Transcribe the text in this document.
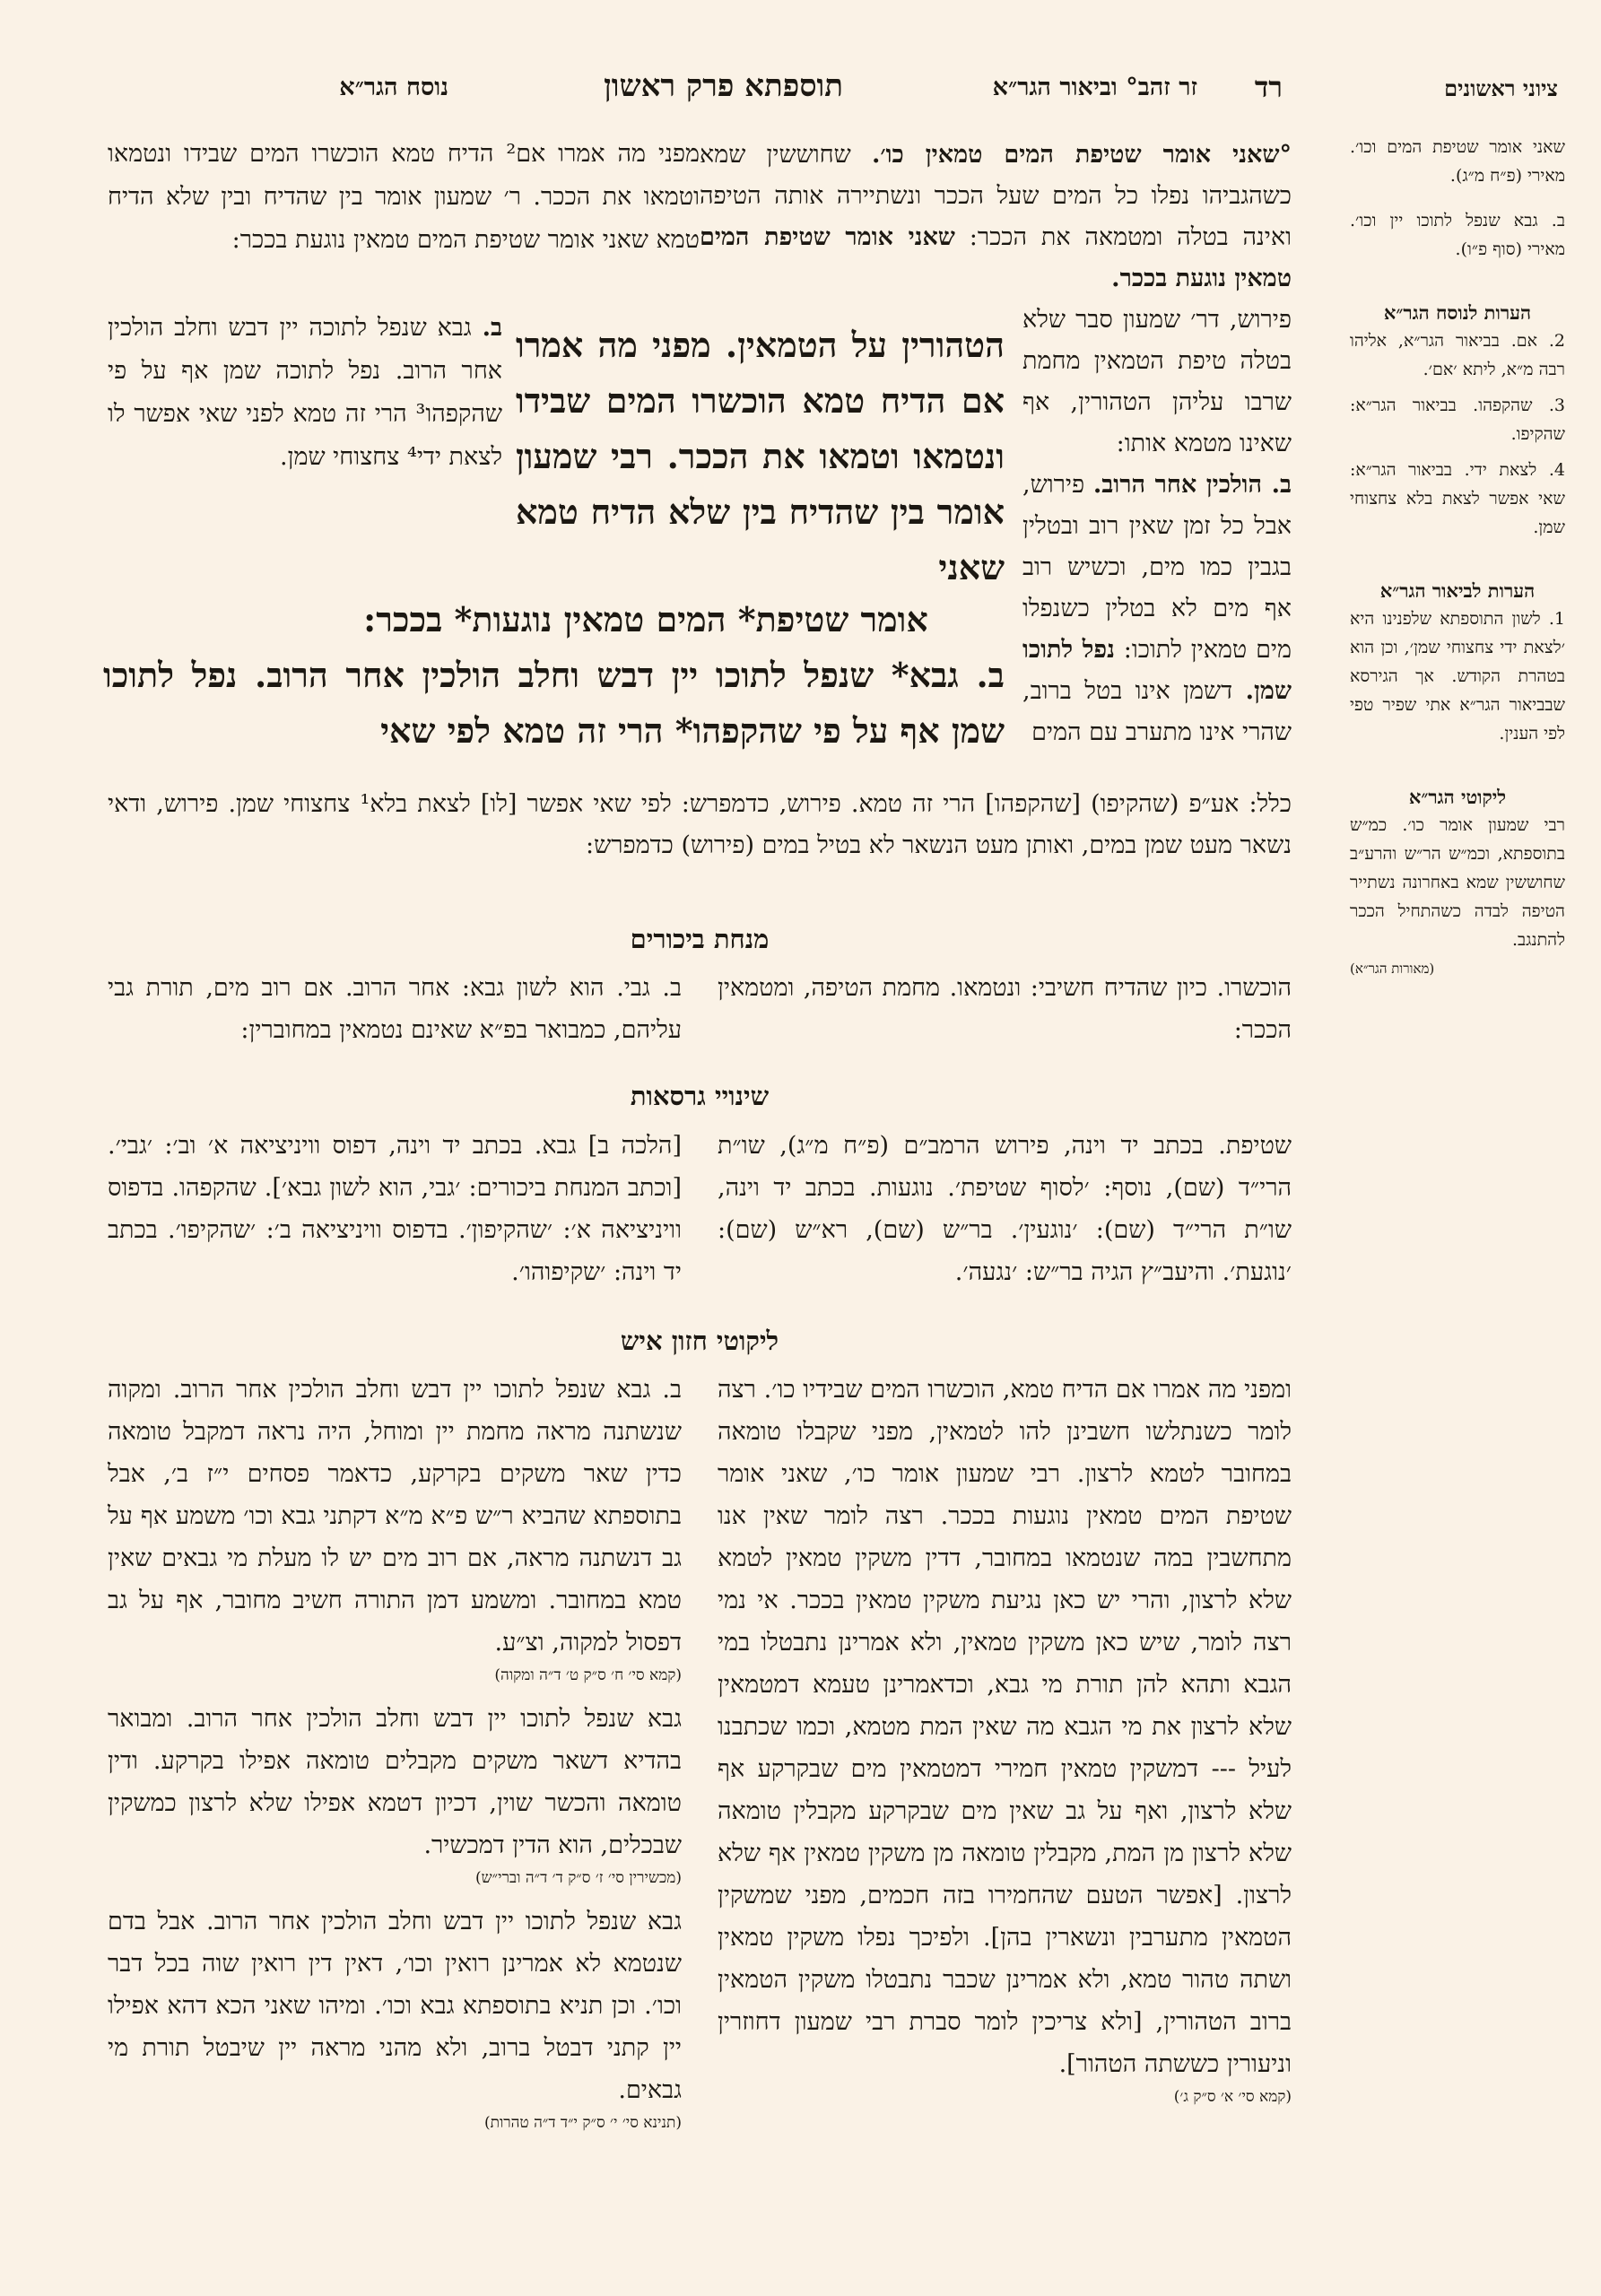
ציוני ראשונים
רד
זר זהב° וביאור הגר״א
תוספתא פרק ראשון
נוסח הגר״א
שאני אומר שטיפת המים וכו׳. מאירי (פ״ח מ״ג).
ב. גבא שנפל לתוכו יין וכו׳. מאירי (סוף פ״ו).
הערות לנוסח הגר״א
2. אם. בביאור הגר״א, אליהו רבה מ״א, ליתא ׳אם׳.
3. שהקפהו. בביאור הגר״א: שהקיפו.
4. לצאת ידי. בביאור הגר״א: שאי אפשר לצאת בלא צחצוחי שמן.
הערות לביאור הגר״א
1. לשון התוספתא שלפנינו היא ׳לצאת ידי צחצוחי שמן׳, וכן הוא בטהרת הקודש. אך הגירסא שבביאור הגר״א אתי שפיר טפי לפי הענין.
ליקוטי הגר״א
רבי שמעון אומר כו׳. כמ״ש בתוספתא, וכמ״ש הר״ש והרע״ב שחוששין שמא באחרונה נשתייר הטיפה לבדה כשהתחיל הככר להתנגב.
(מאורות הגר״א)
°שאני אומר שטיפת המים טמאין כו׳. שחוששין שמא כשהגביהו נפלו כל המים שעל הככר ונשתיירה אותה הטיפה ואינה בטלה ומטמאה את הככר: שאני אומר שטיפת המים טמאין נוגעת בככר.
פירוש, דר׳ שמעון סבר שלא בטלה טיפת הטמאין מחמת שרבו עליהן הטהורין, אף שאינו מטמא אותו:
ב. הולכין אחר הרוב. פירוש, אבל כל זמן שאין רוב ובטלין בגבין כמו מים, וכשיש רוב אף מים לא בטלין כשנפלו מים טמאין לתוכו: נפל לתוכו שמן. דשמן אינו בטל ברוב, שהרי אינו מתערב עם המים
הטהורין על הטמאין. מפני מה אמרו אם הדיח טמא הוכשרו המים שבידו ונטמאו וטמאו את הככר. רבי שמעון אומר בין שהדיח בין שלא הדיח טמא שאני
אומר שטיפת* המים טמאין נוגעות* בככר:
ב. גבא* שנפל לתוכו יין דבש וחלב הולכין אחר הרוב. נפל לתוכו שמן אף על פי שהקפהו* הרי זה טמא לפי שאי
מפני מה אמרו אם² הדיח טמא הוכשרו המים שבידו ונטמאו וטמאו את הככר. ר׳ שמעון אומר בין שהדיח ובין שלא הדיח טמא שאני אומר שטיפת המים טמאין נוגעת בככר:
ב. גבא שנפל לתוכה יין דבש וחלב הולכין אחר הרוב. נפל לתוכה שמן אף על פי שהקפהו³ הרי זה טמא לפני שאי אפשר לו לצאת ידי⁴ צחצוחי שמן.
כלל: אע״פ (שהקיפו) [שהקפהו] הרי זה טמא. פירוש, כדמפרש: לפי שאי אפשר [לו] לצאת בלא¹ צחצוחי שמן. פירוש, ודאי נשאר מעט שמן במים, ואותן מעט הנשאר לא בטיל במים (פירוש) כדמפרש:
מנחת ביכורים
הוכשרו. כיון שהדיח חשיבי: ונטמאו. מחמת הטיפה, ומטמאין הככר:
ב. גבי. הוא לשון גבא: אחר הרוב. אם רוב מים, תורת גבי עליהם, כמבואר בפ״א שאינם נטמאין במחוברין:
שינויי גרסאות
שטיפת. בכתב יד וינה, פירוש הרמב״ם (פ״ח מ״ג), שו״ת הרי״ד (שם), נוסף: ׳לסוף שטיפת׳. נוגעות. בכתב יד וינה, שו״ת הרי״ד (שם): ׳נוגעין׳. בר״ש (שם), רא״ש (שם): ׳נוגעת׳. והיעב״ץ הגיה בר״ש: ׳נגעה׳.
[הלכה ב] גבא. בכתב יד וינה, דפוס וויניציאה א׳ וב׳: ׳גבי׳. [וכתב המנחת ביכורים: ׳גבי, הוא לשון גבא׳]. שהקפהו. בדפוס וויניציאה א׳: ׳שהקיפון׳. בדפוס וויניציאה ב׳: ׳שהקיפו׳. בכתב יד וינה: ׳שקיפוהו׳.
ליקוטי חזון איש
ומפני מה אמרו אם הדיח טמא, הוכשרו המים שבידיו כו׳. רצה לומר כשנתלשו חשבינן להו לטמאין, מפני שקבלו טומאה במחובר לטמא לרצון. רבי שמעון אומר כו׳, שאני אומר שטיפת המים טמאין נוגעות בככר. רצה לומר שאין אנו מתחשבין במה שנטמאו במחובר, דדין משקין טמאין לטמא שלא לרצון, והרי יש כאן נגיעת משקין טמאין בככר. אי נמי רצה לומר, שיש כאן משקין טמאין, ולא אמרינן נתבטלו במי הגבא ותהא להן תורת מי גבא, וכדאמרינן טעמא דמטמאין שלא לרצון את מי הגבא מה שאין המת מטמא, וכמו שכתבנו לעיל --- דמשקין טמאין חמירי דמטמאין מים שבקרקע אף שלא לרצון, ואף על גב שאין מים שבקרקע מקבלין טומאה שלא לרצון מן המת, מקבלין טומאה מן משקין טמאין אף שלא לרצון. [אפשר הטעם שהחמירו בזה חכמים, מפני שמשקין הטמאין מתערבין ונשארין בהן]. ולפיכך נפלו משקין טמאין ושתה טהור טמא, ולא אמרינן שכבר נתבטלו משקין הטמאין ברוב הטהורין, [ולא צריכין לומר סברת רבי שמעון דחוזרין וניעורין כששתה הטהור].
(קמא סי׳ א׳ ס״ק ג׳)
ב. גבא שנפל לתוכו יין דבש וחלב הולכין אחר הרוב. ומקוה שנשתנה מראה מחמת יין ומוחל, היה נראה דמקבל טומאה כדין שאר משקים בקרקע, כדאמר פסחים י״ז ב׳, אבל בתוספתא שהביא ר״ש פ״א מ״א דקתני גבא וכו׳ משמע אף על גב דנשתנה מראה, אם רוב מים יש לו מעלת מי גבאים שאין טמא במחובר. ומשמע דמן התורה חשיב מחובר, אף על גב דפסול למקוה, וצ״ע.
(קמא סי׳ ח׳ ס״ק ט׳ ד״ה ומקוה)
גבא שנפל לתוכו יין דבש וחלב הולכין אחר הרוב. ומבואר בהדיא דשאר משקים מקבלים טומאה אפילו בקרקע. ודין טומאה והכשר שוין, דכיון דטמא אפילו שלא לרצון כמשקין שבכלים, הוא הדין דמכשיר.
(מכשירין סי׳ ז׳ ס״ק ד׳ ד״ה וברי״ש)
גבא שנפל לתוכו יין דבש וחלב הולכין אחר הרוב. אבל בדם שנטמא לא אמרינן רואין וכו׳, דאין דין רואין שוה בכל דבר וכו׳. וכן תניא בתוספתא גבא וכו׳. ומיהו שאני הכא דהא אפילו יין קתני דבטל ברוב, ולא מהני מראה יין שיבטל תורת מי גבאים.
(תנינא סי׳ י׳ ס״ק י״ד ד״ה טהרות)
